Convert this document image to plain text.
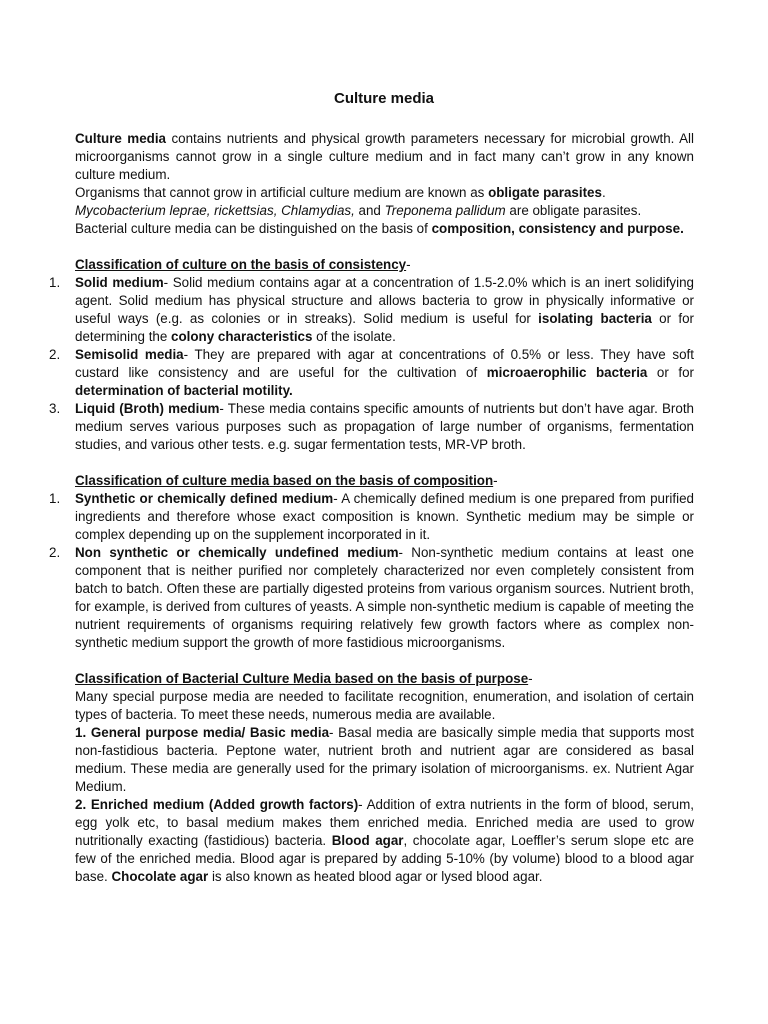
Culture media

Culture media contains nutrients and physical growth parameters necessary for microbial growth. All microorganisms cannot grow in a single culture medium and in fact many can’t grow in any known culture medium.

Organisms that cannot grow in artificial culture medium are known as obligate parasites.

Mycobacterium leprae, rickettsias, Chlamydias, and Treponema pallidum are obligate parasites.

Bacterial culture media can be distinguished on the basis of composition, consistency and purpose.

Classification of culture on the basis of consistency-

1.	Solid medium- Solid medium contains agar at a concentration of 1.5-2.0% which is an inert solidifying agent. Solid medium has physical structure and allows bacteria to grow in physically informative or useful ways (e.g. as colonies or in streaks). Solid medium is useful for isolating bacteria or for determining the colony characteristics of the isolate.
2.	Semisolid media- They are prepared with agar at concentrations of 0.5% or less. They have soft custard like consistency and are useful for the cultivation of microaerophilic bacteria or for determination of bacterial motility.
3.	Liquid (Broth) medium- These media contains specific amounts of nutrients but don’t have agar. Broth medium serves various purposes such as propagation of large number of organisms, fermentation studies, and various other tests. e.g. sugar fermentation tests, MR-VP broth.

Classification of culture media based on the basis of composition-

1.	Synthetic or chemically defined medium- A chemically defined medium is one prepared from purified ingredients and therefore whose exact composition is known. Synthetic medium may be simple or complex depending up on the supplement incorporated in it.
2.	Non synthetic or chemically undefined medium- Non-synthetic medium contains at least one component that is neither purified nor completely characterized nor even completely consistent from batch to batch. Often these are partially digested proteins from various organism sources. Nutrient broth, for example, is derived from cultures of yeasts. A simple non-synthetic medium is capable of meeting the nutrient requirements of organisms requiring relatively few growth factors where as complex non-synthetic medium support the growth of more fastidious microorganisms.

Classification of Bacterial Culture Media based on the basis of purpose-

Many special purpose media are needed to facilitate recognition, enumeration, and isolation of certain types of bacteria. To meet these needs, numerous media are available.

1. General purpose media/ Basic media- Basal media are basically simple media that supports most non-fastidious bacteria. Peptone water, nutrient broth and nutrient agar are considered as basal medium. These media are generally used for the primary isolation of microorganisms. ex. Nutrient Agar Medium.

2. Enriched medium (Added growth factors)- Addition of extra nutrients in the form of blood, serum, egg yolk etc, to basal medium makes them enriched media. Enriched media are used to grow nutritionally exacting (fastidious) bacteria. Blood agar, chocolate agar, Loeffler’s serum slope etc are few of the enriched media. Blood agar is prepared by adding 5-10% (by volume) blood to a blood agar base. Chocolate agar is also known as heated blood agar or lysed blood agar.
